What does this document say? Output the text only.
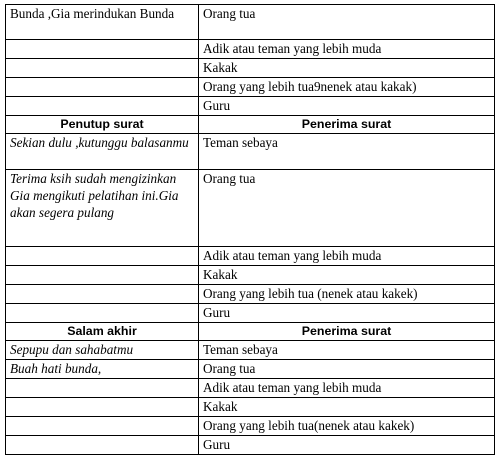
Bunda ,Gia merindukan Bunda	Orang tua
	Adik atau teman yang lebih muda
	Kakak
	Orang yang lebih tua9nenek atau kakak)
	Guru
Penutup surat	Penerima surat
Sekian dulu ,kutunggu balasanmu	Teman sebaya
Terima ksih sudah mengizinkan Gia mengikuti pelatihan ini.Gia akan segera pulang	Orang tua
	Adik atau teman yang lebih muda
	Kakak
	Orang yang lebih tua (nenek atau kakek)
	Guru
Salam akhir	Penerima surat
Sepupu dan sahabatmu	Teman sebaya
Buah hati bunda,	Orang tua
	Adik atau teman yang lebih muda
	Kakak
	Orang yang lebih tua(nenek atau kakek)
	Guru
